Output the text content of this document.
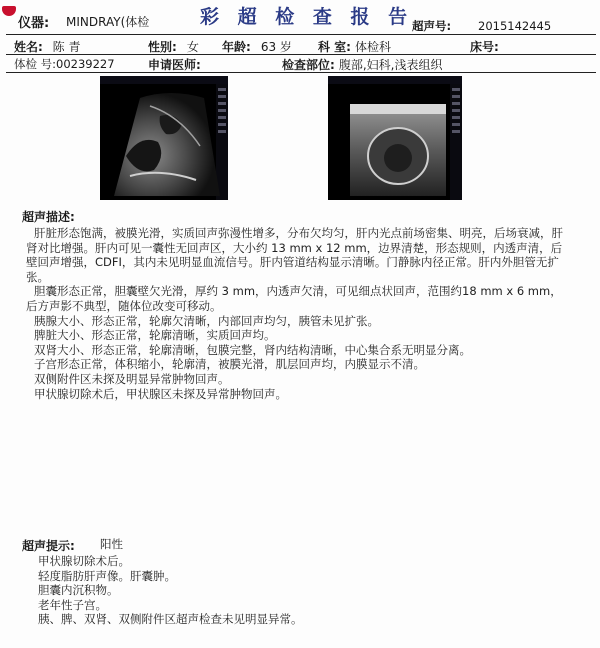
仪器: MINDRAY(体检	彩 超 检 查 报 告
超声号: 2015142445
姓名: 陈 青	性别: 女 年龄: 63 岁 科 室: 体检科	床号:
体检 号:00239227	申请医师:	检查部位: 腹部,妇科,浅表组织
超声描述:

肝脏形态饱满，被膜光滑，实质回声弥漫性增多，分布欠均匀，肝内光点前场密集、明亮，后场衰减，肝肾对比增强。肝内可见一囊性无回声区，大小约 13 mm x 12 mm，边界清楚，形态规则，内透声清，后壁回声增强，CDFI，其内未见明显血流信号。肝内管道结构显示清晰。门静脉内径正常。肝内外胆管无扩张。

胆囊形态正常，胆囊壁欠光滑，厚约 3 mm，内透声欠清，可见细点状回声，范围约18 mm x 6 mm，后方声影不典型，随体位改变可移动。

胰腺大小、形态正常，轮廓欠清晰，内部回声均匀，胰管未见扩张。

脾脏大小、形态正常，轮廓清晰，实质回声均。

双肾大小、形态正常，轮廓清晰，包膜完整，肾内结构清晰，中心集合系无明显分离。

子宫形态正常，体积缩小，轮廓清，被膜光滑，肌层回声均，内膜显示不清。

双侧附件区未探及明显异常肿物回声。

甲状腺切除术后，甲状腺区未探及异常肿物回声。

超声提示: 阳性

甲状腺切除术后。

轻度脂肪肝声像。肝囊肿。

胆囊内沉积物。

老年性子宫。

胰、脾、双肾、双侧附件区超声检查未见明显异常。
